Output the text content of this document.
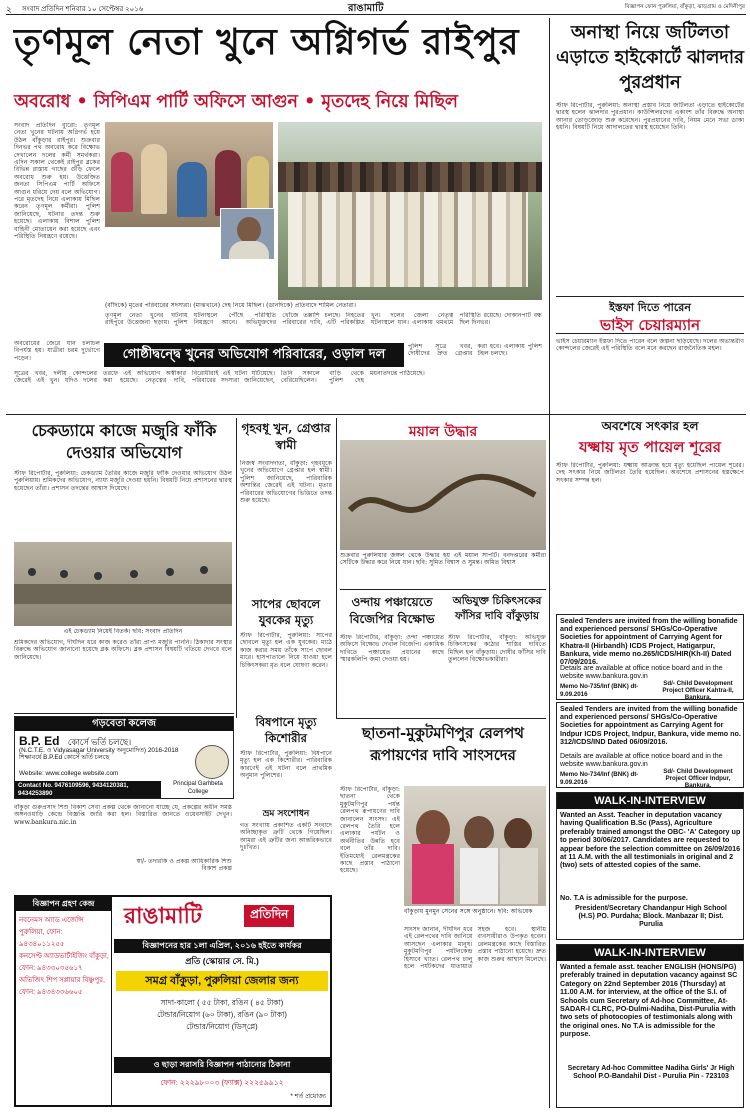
২ সংবাদ প্রতিদিন শনিবার ১০ সেপ্টেম্বর ২০১৬	রাঙামাটি	বিজ্ঞাপন ফোন পুরুলিয়া, বাঁকুড়া, ঝাড়গ্রাম ও মেদিনীপুর
তৃণমূল নেতা খুনে অগ্নিগর্ভ রাইপুর
অবরোধ • সিপিএম পার্টি অফিসে আগুন • মৃতদেহ নিয়ে মিছিল
সংবাদ প্রতিদিন ব্যুরো: তৃণমূল নেতা খুনের ঘটনায় অগ্নিগর্ভ হয়ে উঠল বাঁকুড়ার রাইপুর। শুক্রবার দিনভর পথ অবরোধ করে বিক্ষোভ দেখালেন দলের কর্মী সমর্থকরা। এদিন সকাল থেকেই রাইপুর ব্লকের বিভিন্ন রাস্তায় গাছের গুঁড়ি ফেলে অবরোধ শুরু হয়। উত্তেজিত জনতা সিপিএম পার্টি অফিসে আগুন ধরিয়ে দেয় বলে অভিযোগ। পরে মৃতদেহ নিয়ে এলাকায় মিছিল করেন তৃণমূল কর্মীরা। পুলিশ জানিয়েছে, ঘটনার তদন্ত শুরু হয়েছে। এলাকায় বিশাল পুলিশ বাহিনী মোতায়েন করা হয়েছে এবং পরিস্থিতি নিয়ন্ত্রণে রয়েছে।
(বাঁদিকে) মৃতের পরিবারের সদস্যরা। (মাঝখানে) দেহ নিয়ে মিছিল। (ডানদিকে) প্রতিবাদে শামিল নেতারা।
তৃণমূল নেতা খুনের ঘটনায় রাইপুরে উত্তেজনা ছড়ায়। পুলিশ ঘটনাস্থলে পৌঁছে পরিস্থিতি নিয়ন্ত্রণে আনে। অভিযুক্তদের খোঁজে তল্লাশি চলছে। নিহতের পরিবারের দাবি, এটি পরিকল্পিত খুন। দলের জেলা নেতৃত্ব ঘটনাস্থলে যান। এলাকায় থমথমে পরিস্থিতি রয়েছে। দোকানপাট বন্ধ ছিল দিনভর।
গোষ্ঠীদ্বন্দ্বে খুনের অভিযোগ পরিবারের, ওড়াল দল
অবরোধের জেরে যান চলাচল বিপর্যস্ত হয়। যাত্রীরা চরম দুর্ভোগে পড়েন।
পুলিশ সূত্রে খবর, দোষীদের দ্রুত গ্রেপ্তার করা হবে। এলাকায় পুলিশ টহল চলছে।
সূত্রের খবর, দলীয় কোন্দলের জেরেই এই খুন। যদিও দলের তরফে এই অভিযোগ অস্বীকার করা হয়েছে। নেতৃত্বের দাবি, বিরোধীরাই এই ঘটনা ঘটিয়েছে। পরিবারের সদস্যরা জানিয়েছেন, তিনি সকালে বাড়ি থেকে বেরিয়েছিলেন। পুলিশ দেহ ময়নাতদন্তে পাঠিয়েছে।
অনাস্থা নিয়ে জটিলতা এড়াতে হাইকোর্টে ঝালদার পুরপ্রধান
স্টাফ রিপোর্টার, পুরুলিয়া: অনাস্থা প্রস্তাব নিয়ে জটিলতা এড়াতে হাইকোর্টের দ্বারস্থ হলেন ঝালদার পুরপ্রধান। কাউন্সিলরদের একাংশ তাঁর বিরুদ্ধে অনাস্থা আনার তোড়জোড় শুরু করেছেন। পুরপ্রধানের দাবি, নিয়ম মেনে সভা ডাকা হয়নি। বিষয়টি নিয়ে আদালতের দ্বারস্থ হয়েছেন তিনি।
ইস্তফা দিতে পারেন
ভাইস চেয়ারম্যান
ভাইস চেয়ারম্যান ইস্তফা দিতে পারেন বলে জল্পনা ছড়িয়েছে। দলের অভ্যন্তরীণ কোন্দলের জেরেই এই পরিস্থিতি বলে মনে করছেন রাজনৈতিক মহল।
চেকড্যামে কাজে মজুরি ফাঁকি দেওয়ার অভিযোগ
স্টাফ রিপোর্টার, পুরুলিয়া: চেকড্যাম তৈরির কাজে মজুরি ফাঁকি দেওয়ার অভিযোগ উঠল পুরুলিয়ায়। শ্রমিকদের অভিযোগ, ন্যায্য মজুরি দেওয়া হয়নি। বিষয়টি নিয়ে প্রশাসনের দ্বারস্থ হয়েছেন তাঁরা। প্রশাসন তদন্তের আশ্বাস দিয়েছে।
এই চেকড্যাম নিয়েই বিতর্ক। ছবি: সংবাদ প্রতিদিন
শ্রমিকদের অভিযোগ, দীর্ঘদিন ধরে কাজ করেও তাঁরা প্রাপ্য মজুরি পাননি। ঠিকাদার সংস্থার বিরুদ্ধে অভিযোগ জানানো হয়েছে ব্লক অফিসে। ব্লক প্রশাসন বিষয়টি খতিয়ে দেখবে বলে জানিয়েছে।
গৃহবধূ খুন, গ্রেপ্তার স্বামী
নিজস্ব সংবাদদাতা, বাঁকুড়া: গৃহবধূকে খুনের অভিযোগে গ্রেপ্তার হল স্বামী। পুলিশ জানিয়েছে, পারিবারিক অশান্তির জেরেই এই ঘটনা। মৃতার পরিবারের অভিযোগের ভিত্তিতে তদন্ত শুরু হয়েছে।
সাপের ছোবলে যুবকের মৃত্যু
স্টাফ রিপোর্টার, পুরুলিয়া: সাপের ছোবলে মৃত্যু হল এক যুবকের। মাঠে কাজ করার সময় তাঁকে সাপে ছোবল মারে। হাসপাতালে নিয়ে যাওয়া হলে চিকিৎসকরা মৃত বলে ঘোষণা করেন।
বিষপানে মৃত্যু কিশোরীর
স্টাফ রিপোর্টার, পুরুলিয়া: বিষপানে মৃত্যু হল এক কিশোরীর। পারিবারিক কারণেই এই ঘটনা বলে প্রাথমিক অনুমান পুলিশের।
ভ্রম সংশোধন
গত সংখ্যায় প্রকাশিত একটি সংবাদে অনিচ্ছাকৃত ত্রুটি থেকে গিয়েছিল। আমরা এই ত্রুটির জন্য আন্তরিকভাবে দুঃখিত।
ময়াল উদ্ধার
শুক্রবার পুরুলিয়ার জঙ্গল থেকে উদ্ধার হয় এই ময়াল সাপটি। বনদপ্তরের কর্মীরা সেটিকে উদ্ধার করে নিয়ে যান। ছবি: সুমিত বিশ্বাস ও সুমন্ত। অমিত বিশ্বাস
ওন্দায় পঞ্চায়েতে বিজেপির বিক্ষোভ
স্টাফ রিপোর্টার, বাঁকুড়া: ওন্দা পঞ্চায়েত অফিসে বিক্ষোভ দেখাল বিজেপি। একাধিক দাবিতে পঞ্চায়েত প্রধানের কাছে স্মারকলিপি জমা দেওয়া হয়।
অভিযুক্ত চিকিৎসকের ফাঁসির দাবি বাঁকুড়ায়
স্টাফ রিপোর্টার, বাঁকুড়া: অভিযুক্ত চিকিৎসকের কঠোর শাস্তির দাবিতে মিছিল হল বাঁকুড়ায়। দোষীর ফাঁসির দাবি তুললেন বিক্ষোভকারীরা।
ছাতনা-মুকুটমণিপুর রেলপথ রূপায়ণের দাবি সাংসদের
স্টাফ রিপোর্টার, বাঁকুড়া: ছাতনা থেকে মুকুটমণিপুর পর্যন্ত রেলপথ রূপায়ণের দাবি জানালেন সাংসদ। এই রেলপথ তৈরি হলে এলাকার পর্যটন ও অর্থনীতির উন্নতি হবে বলে তাঁর দাবি। ইতিমধ্যেই রেলমন্ত্রকের কাছে প্রস্তাব পাঠানো হয়েছে।
বাঁকুড়ায় মুনমুন সেনের সঙ্গে অনুষ্ঠানে। ছবি: অভিষেক
সাংসদ জানান, দীর্ঘদিন ধরে এই রেলপথের দাবি জানিয়ে আসছেন এলাকার মানুষ। মুকুটমণিপুর পর্যটনকেন্দ্র হিসাবে খ্যাত। রেলপথ চালু হলে পর্যটকদের যাতায়াত সহজ হবে। স্থানীয় ব্যবসায়ীরাও উপকৃত হবেন। রেলমন্ত্রকের কাছে বিস্তারিত প্রস্তাব পাঠানো হয়েছে। দ্রুত কাজ শুরুর আশ্বাস মিলেছে।
গড়বেতা কলেজ
B.P. Ed কোর্সে ভর্তি চলছে।
(N.C.T.E. ও Vidyasagar University অনুমোদিত) 2016-2018 শিক্ষাবর্ষে B.P.Ed কোর্সে ভর্তি চলছে
Website: www.college website.com
Contact No. 9476109596, 9434120381, 9434253890
Principal Garhbeta College
বাঁকুড়া গুরুপ্রসাদ শিশু বিকাশ সেবা প্রকল্প থেকে জানানো যাচ্ছে যে, প্রকল্পের অধীন সমস্ত অঙ্গনওয়াড়ি কেন্দ্রে বিজ্ঞপ্তি জারি করা হল। বিস্তারিত জানতে ওয়েবসাইট দেখুন। www.bankura.nic.in
স্বা/- তদারকি ও প্রকল্প আধিকারিক শিশু বিকাশ প্রকল্প
বিজ্ঞাপন গ্রহণ কেন্দ্র
নবনেমস অ্যাড এজেন্সি পুরুলিয়া, ফোন: ৯৪৩৪০১১২৫৫
কনসেপ্ট অ্যাডভার্টাইজিং বাঁকুড়া, ফোন: ৯৪৩৩০৩৫৬১৭
অভিজিৎ শিপ সপ্লায়ার বিষ্ণুপুর, ফোন: ৯৪৩৪৩৩৬৬০৫
রাঙামাটি	প্রতিদিন
বিজ্ঞাপনের হার ১লা এপ্রিল, ২০১৬ হইতে কার্যকর
প্রতি (স্কোয়ার সে. মি.)
সমগ্র বাঁকুড়া, পুরুলিয়া জেলার জন্য
সাদা-কালো ( ৫৫ টাকা, রঙিন ( ৪৫ টাকা)
টেন্ডার/নিয়োগ (৬০ টাকা), রঙিন (৯০ টাকা)
টেন্ডার/নিয়োগ (ডিস্‌প্লে)
ও ছাড়া সরাসরি বিজ্ঞাপন পাঠানোর ঠিকানা
ফোন: ২২২৯৮০০৩ (ফ্যাক্স) ২২২৫৯৯১২
* শর্ত প্রযোজ্য
অবশেষে সৎকার হল
যক্ষ্মায় মৃত পায়েল শূরের
স্টাফ রিপোর্টার, পুরুলিয়া: যক্ষ্মায় আক্রান্ত হয়ে মৃত্যু হয়েছিল পায়েল শূরের। দেহ সৎকার নিয়ে জটিলতা তৈরি হয়েছিল। অবশেষে প্রশাসনের হস্তক্ষেপে সৎকার সম্পন্ন হল।
Sealed Tenders are invited from the willing bonafide and experienced persons/ SHGs/Co-Operative Societies for appointment of Carrying Agent for Khatra-II (Hirbandh) ICDS Project, Hatigarpur, Bankura, vide memo no.265/ICDS/HIR(Kh-II) Dated 07/09/2016.
Details are available at office notice board and in the website www.bankura.gov.in
Memo No-735/Inf (BNK) dt-9.09.2016
Sd/- Child Development Project Officer Kahtra-II, Bankura.
Sealed Tenders are invited from the willing bonafide and experienced persons/ SHGs/Co-Operative Societies for appointment as Carrying Agent for Indpur ICDS Project, Indpur, Bankura, vide memo no. 312/ICDS/IND Dated 06/09/2016.
Details are available at office notice board and in the website www.bankura.gov.in
Memo No-734/Inf (BNK) dt-9.09.2016
Sd/- Child Development Project Officer Indpur, Bankura.
WALK-IN-INTERVIEW
Wanted an Asst. Teacher in deputation vacancy having Qualification B.Sc (Pass), Agriculture preferably trained amongst the OBC- 'A' Category up to period 30/06/2017. Candidates are requested to appear before the selection committee on 26/09/2016 at 11 A.M. with the all testimonials in original and 2 (two) sets of attested copies of the same.
No. T.A is admissible for the purpose.
President/Secretary Chandanpur High School (H.S) PO. Purdaha; Block. Manbazar II; Dist. Purulia
WALK-IN-INTERVIEW
Wanted a female asst. teacher ENGLISH (HONS/PG) preferably trained in deputation vacancy against SC Category on 22nd September 2016 (Thursday) at 11.00 A.M. for interview, at the office of the S.I. of Schools cum Secretary of Ad-hoc Committee, At-SADAR-I CLRC, PO-Dulmi-Nadiha, Dist-Purulia with two sets of photocopies of testimonials along with the original ones. No T.A is admissible for the purpose.
Secretary Ad-hoc Committee Nadiha Girls' Jr High School P.O-Bandahil Dist - Purulia Pin - 723103
